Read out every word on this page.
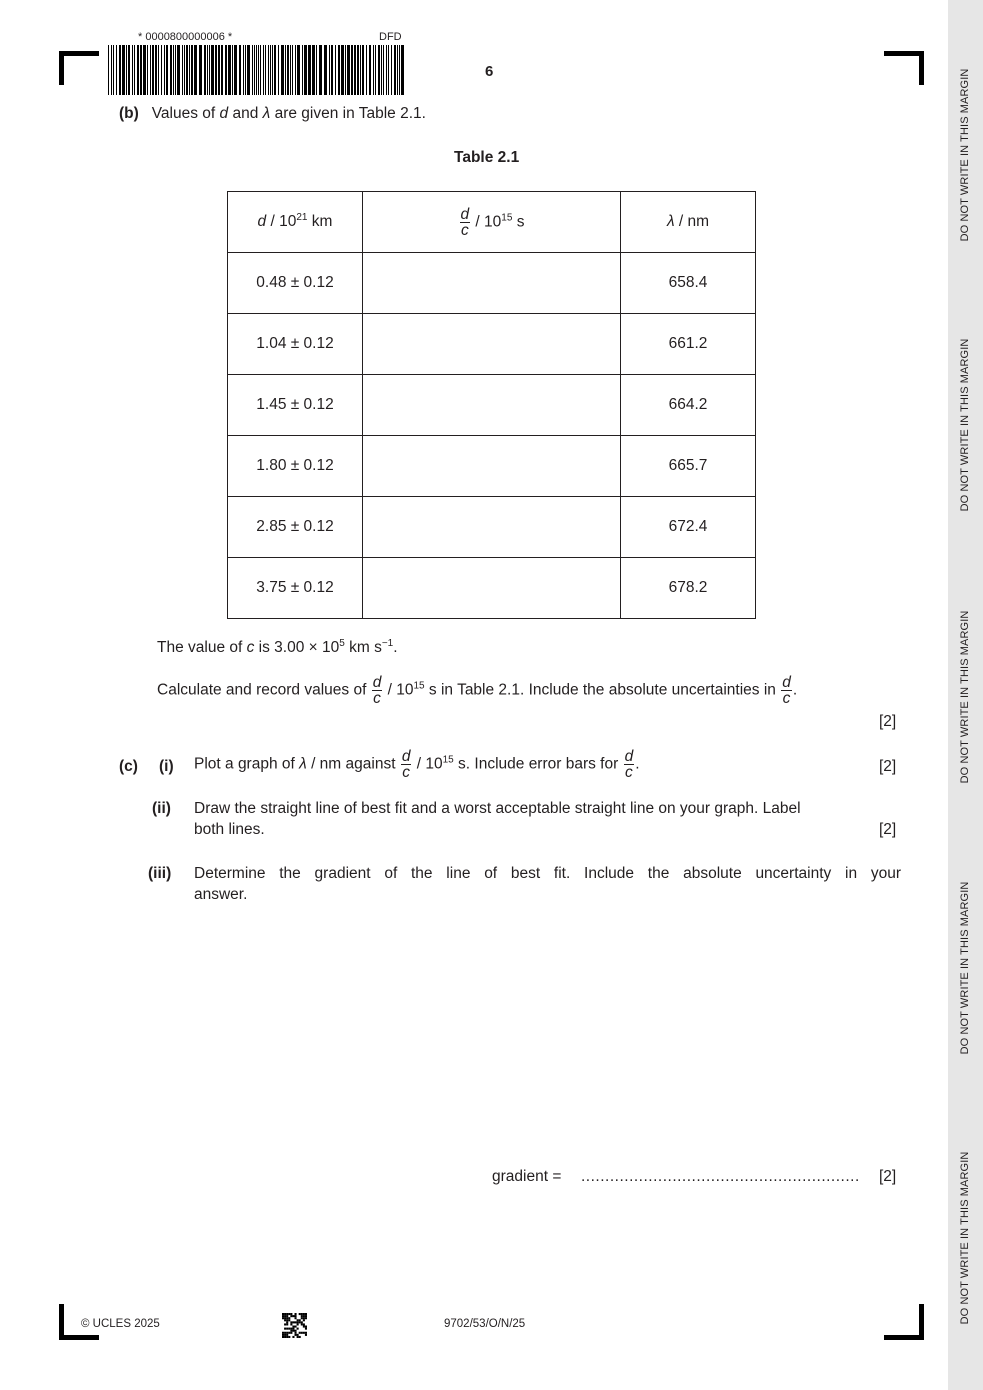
DO NOT WRITE IN THIS MARGIN
DO NOT WRITE IN THIS MARGIN
DO NOT WRITE IN THIS MARGIN
DO NOT WRITE IN THIS MARGIN
DO NOT WRITE IN THIS MARGIN
* 0000800000006 *	DFD
6
(b) Values of d and λ are given in Table 2.1.
Table 2.1
d / $10^{21}$ km	$\frac{d}{c} / 10^{15}$ s	λ / nm
0.48 ± 0.12		658.4
1.04 ± 0.12		661.2
1.45 ± 0.12		664.2
1.80 ± 0.12		665.7
2.85 ± 0.12		672.4
3.75 ± 0.12		678.2
The value of c is $3.00 \times 10^5$ km $s^{-1}$.
Calculate and record values of $\frac{d}{c} / 10^{15}$ s in Table 2.1. Include the absolute uncertainties in $\frac{d}{c}$ .
[2]
(c) (i) Plot a graph of λ / nm against $\frac{d}{c} / 10^{15}$ s. Include error bars for $\frac{d}{c}$ .	[2]
(ii) Draw the straight line of best fit and a worst acceptable straight line on your graph. Label
both lines.	[2]
(iii) Determine the gradient of the line of best fit. Include the absolute uncertainty in your
answer.
gradient = .......................................................... [2]
© UCLES 2025	9702/53/O/N/25
